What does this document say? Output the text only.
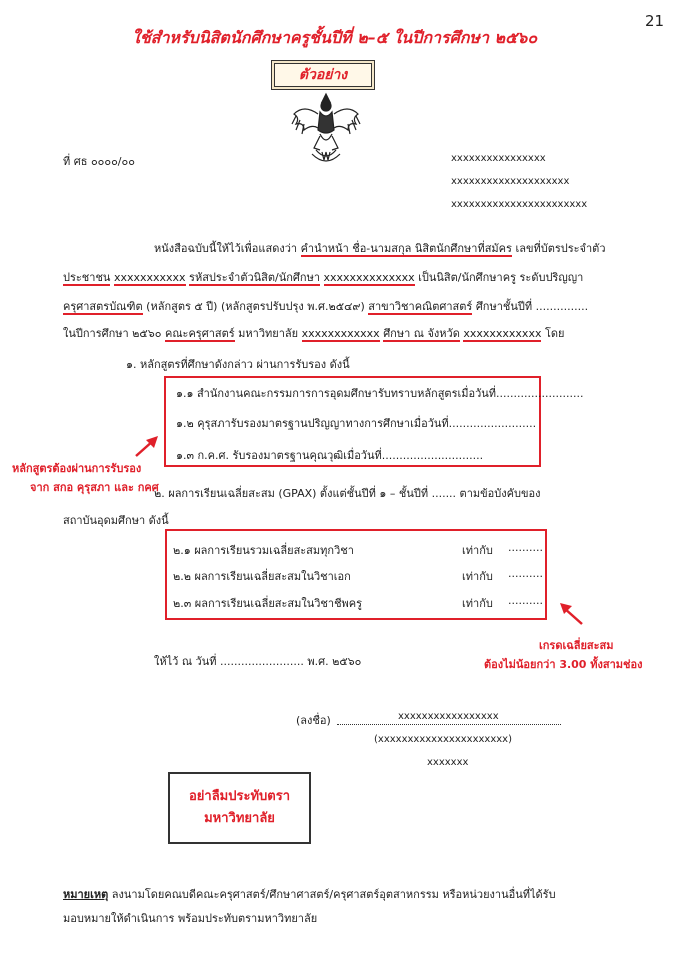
21
ใช้สำหรับนิสิตนักศึกษาครูชั้นปีที่ ๒–๕ ในปีการศึกษา ๒๕๖๐
ตัวอย่าง
ที่ ศธ ๐๐๐๐/๐๐	xxxxxxxxxxxxxxxx
xxxxxxxxxxxxxxxxxxxx
xxxxxxxxxxxxxxxxxxxxxxx
หนังสือฉบับนี้ให้ไว้เพื่อแสดงว่า คำนำหน้า ชื่อ-นามสกุล นิสิตนักศึกษาที่สมัคร เลขที่บัตรประจำตัว
ประชาชน xxxxxxxxxxx รหัสประจำตัวนิสิต/นักศึกษา xxxxxxxxxxxxxx เป็นนิสิต/นักศึกษาครู ระดับปริญญา
ครุศาสตรบัณฑิต (หลักสูตร ๕ ปี) (หลักสูตรปรับปรุง พ.ศ.๒๕๔๙) สาขาวิชาคณิตศาสตร์ ศึกษาชั้นปีที่ ...............
ในปีการศึกษา ๒๕๖๐ คณะครุศาสตร์ มหาวิทยาลัย xxxxxxxxxxxx ศึกษา ณ จังหวัด xxxxxxxxxxxx โดย
๑. หลักสูตรที่ศึกษาดังกล่าว ผ่านการรับรอง ดังนี้
๑.๑ สำนักงานคณะกรรมการการอุดมศึกษารับทราบหลักสูตรเมื่อวันที่.........................
๑.๒ คุรุสภารับรองมาตรฐานปริญญาทางการศึกษาเมื่อวันที่.........................
๑.๓ ก.ค.ศ. รับรองมาตรฐานคุณวุฒิเมื่อวันที่.............................
หลักสูตรต้องผ่านการรับรอง
จาก สกอ คุรุสภา และ กคศ
๒. ผลการเรียนเฉลี่ยสะสม (GPAX) ตั้งแต่ชั้นปีที่ ๑ – ชั้นปีที่ ....... ตามข้อบังคับของ
สถาบันอุดมศึกษา ดังนี้
๒.๑ ผลการเรียนรวมเฉลี่ยสะสมทุกวิชา	เท่ากับ ..........
๒.๒ ผลการเรียนเฉลี่ยสะสมในวิชาเอก	เท่ากับ ..........
๒.๓ ผลการเรียนเฉลี่ยสะสมในวิชาชีพครู	เท่ากับ ..........
เกรดเฉลี่ยสะสม
ต้องไม่น้อยกว่า 3.00 ทั้งสามช่อง
ให้ไว้ ณ วันที่ ........................ พ.ศ. ๒๕๖๐
(ลงชื่อ)	xxxxxxxxxxxxxxxxx
(xxxxxxxxxxxxxxxxxxxxxx)
xxxxxxx
อย่าลืมประทับตรา
มหาวิทยาลัย
หมายเหตุ ลงนามโดยคณบดีคณะครุศาสตร์/ศึกษาศาสตร์/ครุศาสตร์อุตสาหกรรม หรือหน่วยงานอื่นที่ได้รับ
มอบหมายให้ดำเนินการ พร้อมประทับตรามหาวิทยาลัย
